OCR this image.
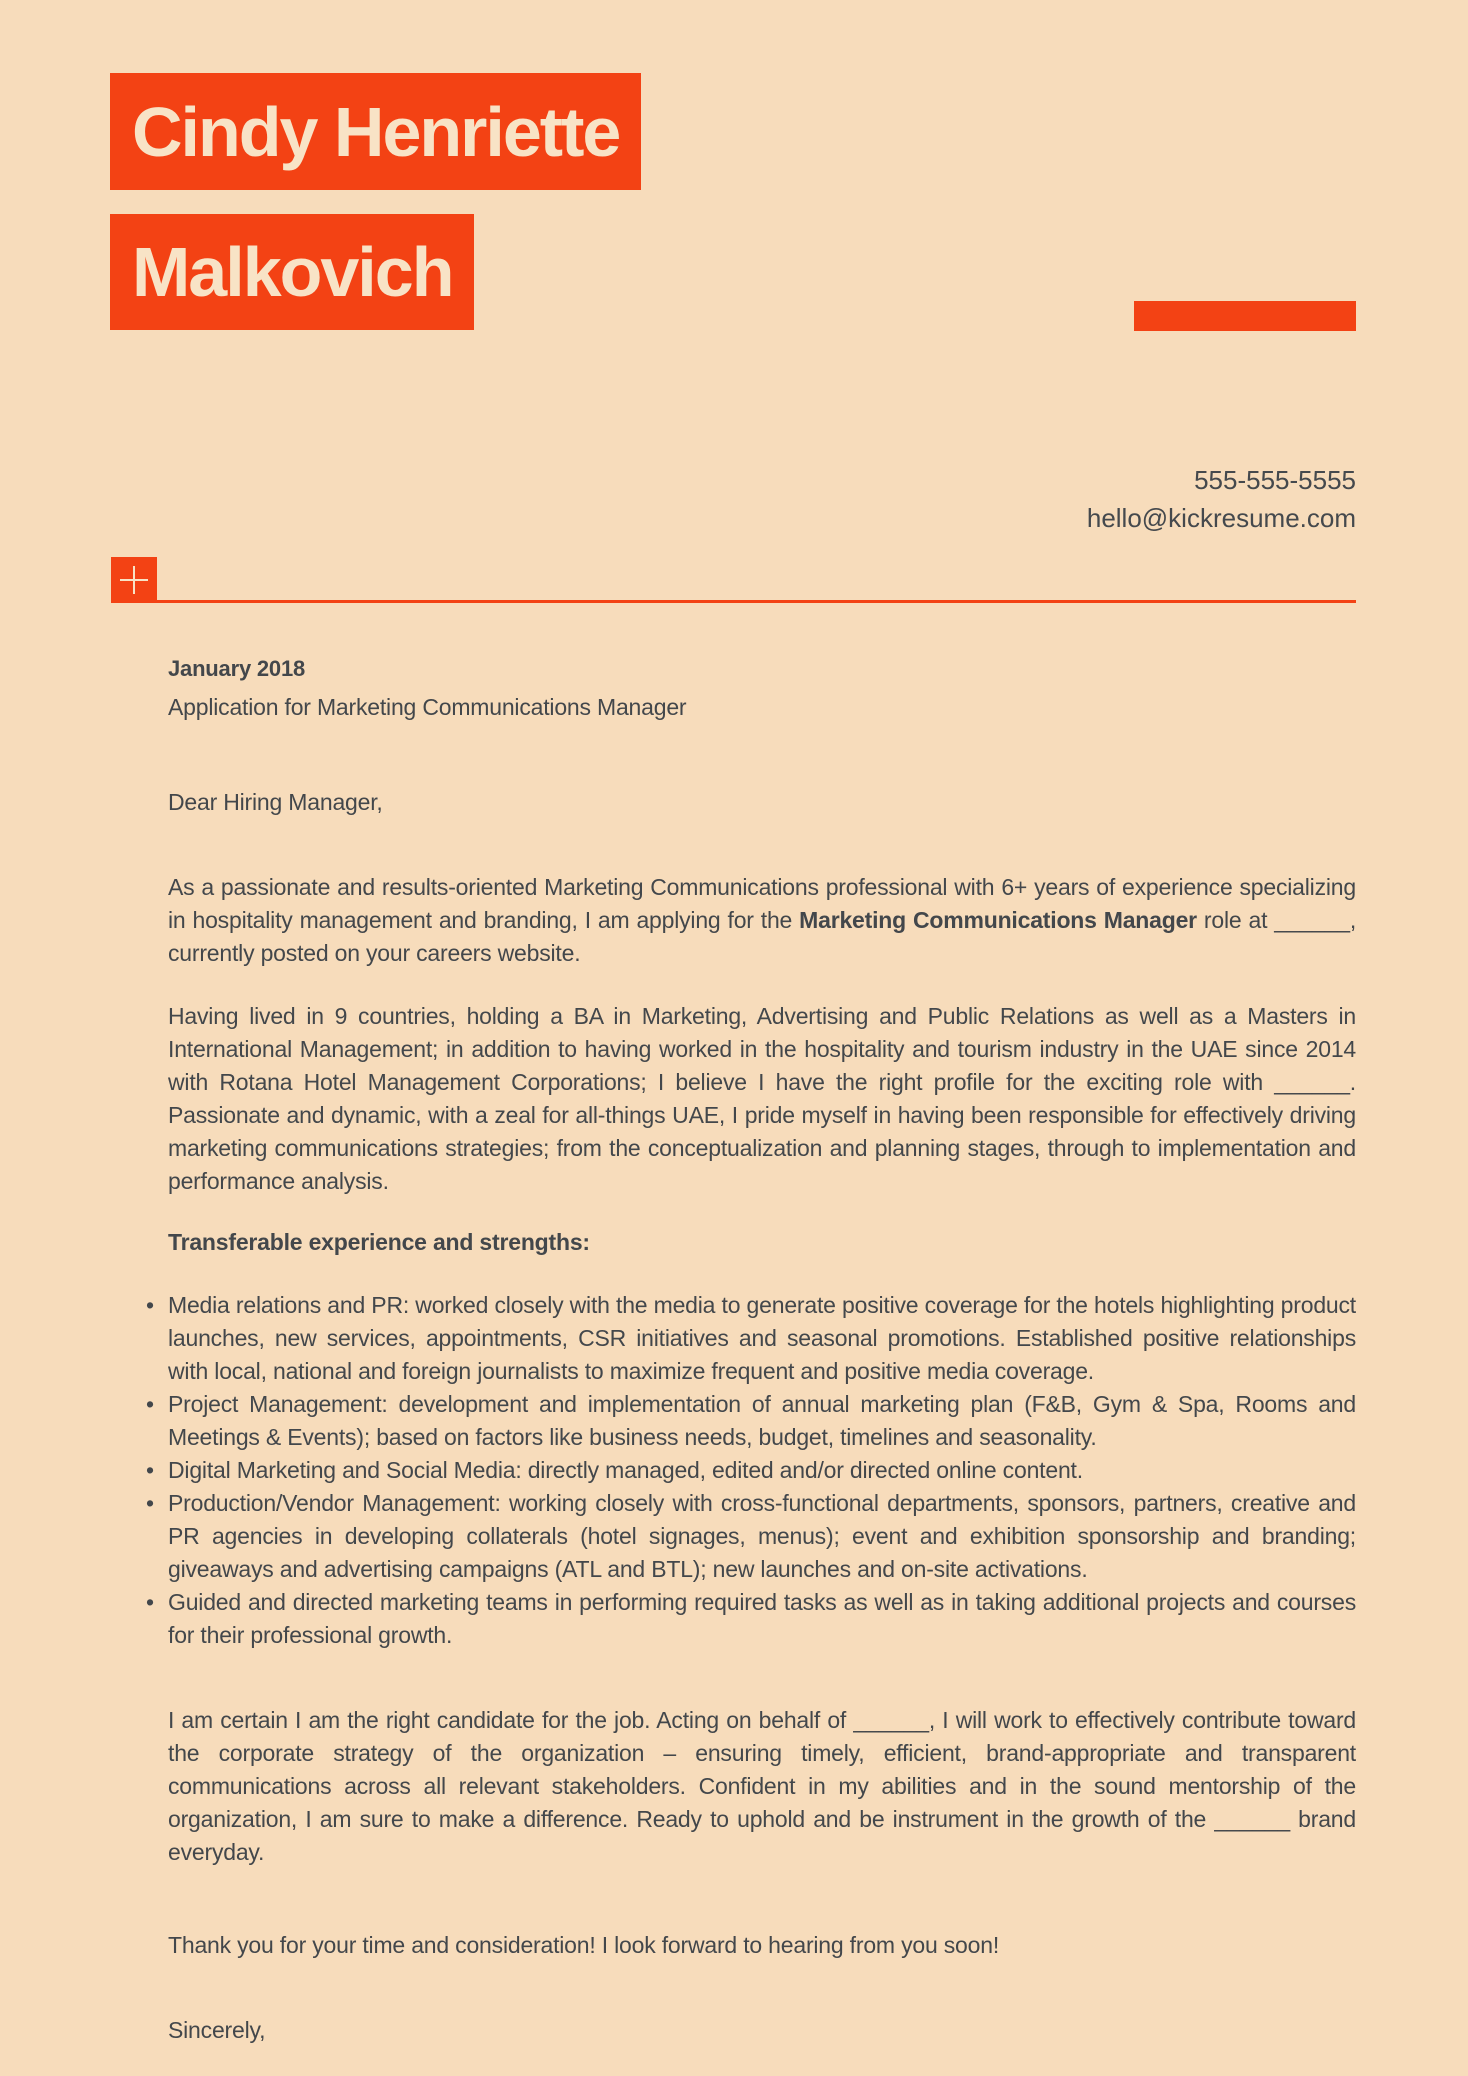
Cindy Henriette
Malkovich
555-555-5555
hello@kickresume.com

January 2018

Application for Marketing Communications Manager

Dear Hiring Manager,

As a passionate and results-oriented Marketing Communications professional with 6+ years of experience specializing in hospitality management and branding, I am applying for the Marketing Communications Manager role at ______, currently posted on your careers website.

Having lived in 9 countries, holding a BA in Marketing, Advertising and Public Relations as well as a Masters in International Management; in addition to having worked in the hospitality and tourism industry in the UAE since 2014 with Rotana Hotel Management Corporations; I believe I have the right profile for the exciting role with ______. Passionate and dynamic, with a zeal for all-things UAE, I pride myself in having been responsible for effectively driving marketing communications strategies; from the conceptualization and planning stages, through to implementation and performance analysis.

Transferable experience and strengths:

• Media relations and PR: worked closely with the media to generate positive coverage for the hotels highlighting product launches, new services, appointments, CSR initiatives and seasonal promotions. Established positive relationships with local, national and foreign journalists to maximize frequent and positive media coverage.
• Project Management: development and implementation of annual marketing plan (F&B, Gym & Spa, Rooms and Meetings & Events); based on factors like business needs, budget, timelines and seasonality.
• Digital Marketing and Social Media: directly managed, edited and/or directed online content.
• Production/Vendor Management: working closely with cross-functional departments, sponsors, partners, creative and PR agencies in developing collaterals (hotel signages, menus); event and exhibition sponsorship and branding; giveaways and advertising campaigns (ATL and BTL); new launches and on-site activations.
• Guided and directed marketing teams in performing required tasks as well as in taking additional projects and courses for their professional growth.

I am certain I am the right candidate for the job. Acting on behalf of ______, I will work to effectively contribute toward the corporate strategy of the organization – ensuring timely, efficient, brand-appropriate and transparent communications across all relevant stakeholders. Confident in my abilities and in the sound mentorship of the organization, I am sure to make a difference. Ready to uphold and be instrument in the growth of the ______ brand everyday.

Thank you for your time and consideration! I look forward to hearing from you soon!

Sincerely,
